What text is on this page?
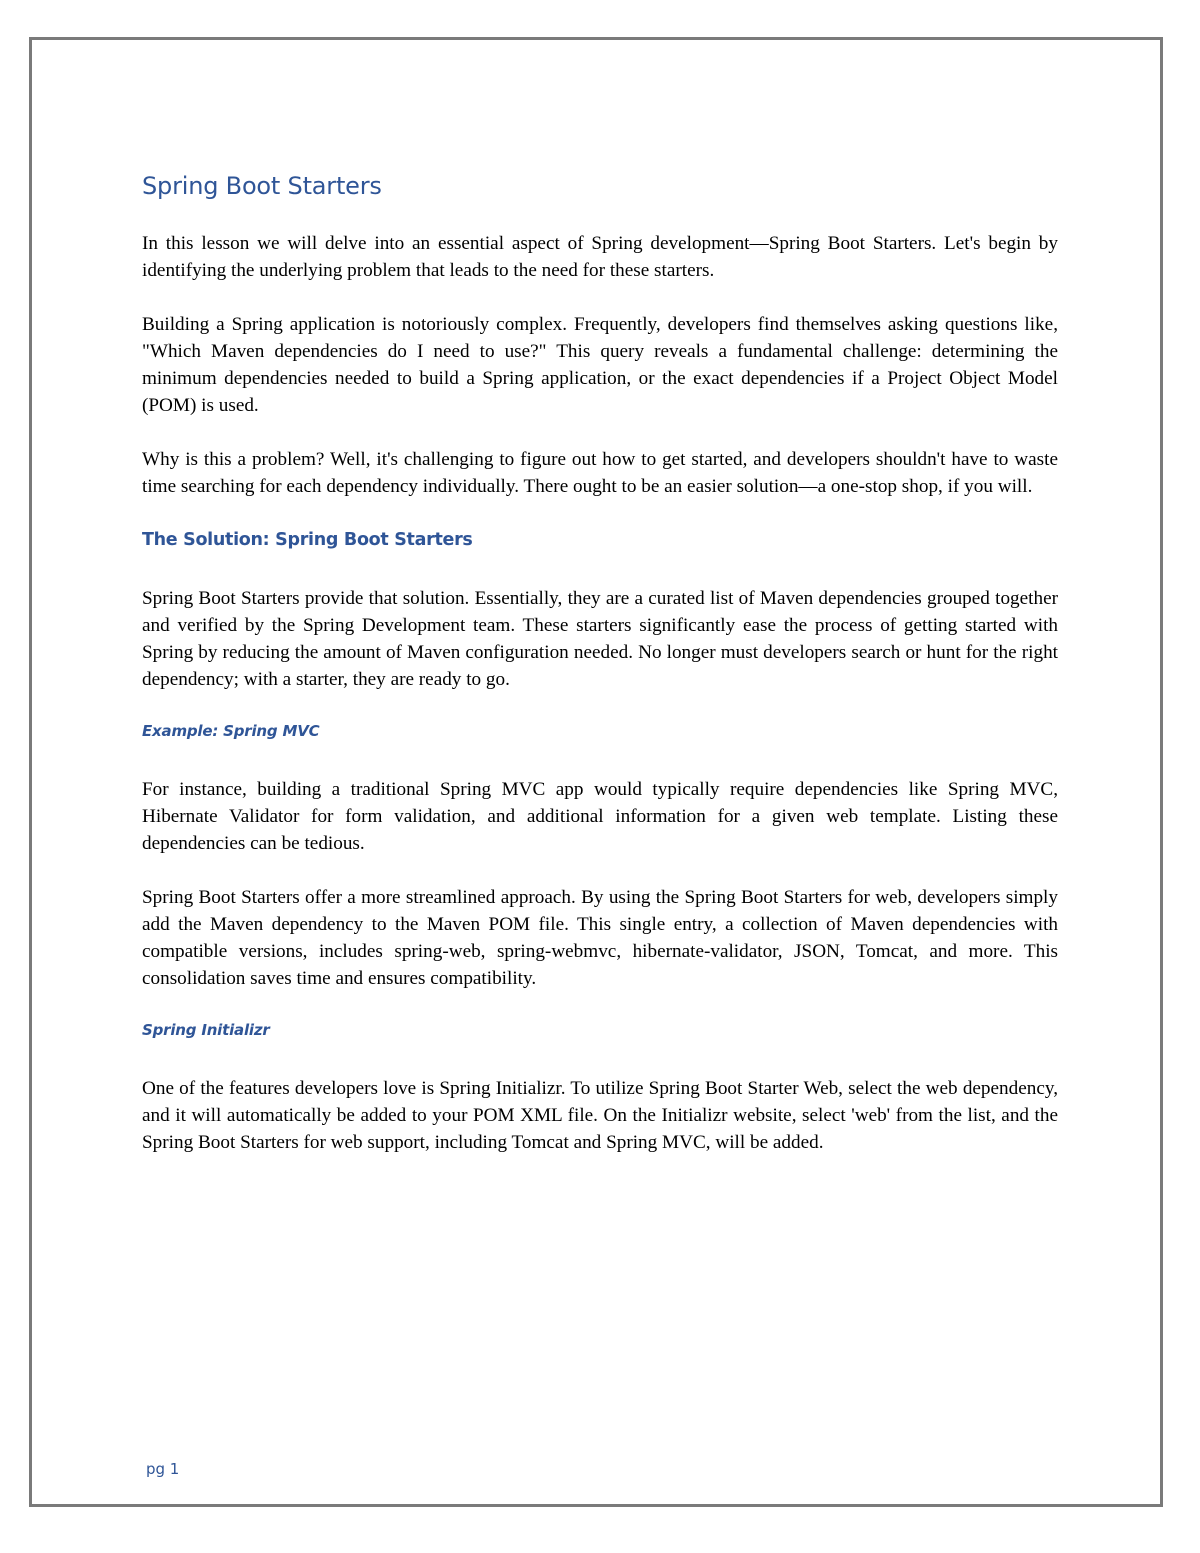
Spring Boot Starters

In this lesson we will delve into an essential aspect of Spring development—Spring Boot Starters. Let's begin by identifying the underlying problem that leads to the need for these starters.

Building a Spring application is notoriously complex. Frequently, developers find themselves asking questions like, "Which Maven dependencies do I need to use?" This query reveals a fundamental challenge: determining the minimum dependencies needed to build a Spring application, or the exact dependencies if a Project Object Model (POM) is used.

Why is this a problem? Well, it's challenging to figure out how to get started, and developers shouldn't have to waste time searching for each dependency individually. There ought to be an easier solution—a one-stop shop, if you will.

The Solution: Spring Boot Starters

Spring Boot Starters provide that solution. Essentially, they are a curated list of Maven dependencies grouped together and verified by the Spring Development team. These starters significantly ease the process of getting started with Spring by reducing the amount of Maven configuration needed. No longer must developers search or hunt for the right dependency; with a starter, they are ready to go.

Example: Spring MVC

For instance, building a traditional Spring MVC app would typically require dependencies like Spring MVC, Hibernate Validator for form validation, and additional information for a given web template. Listing these dependencies can be tedious.

Spring Boot Starters offer a more streamlined approach. By using the Spring Boot Starters for web, developers simply add the Maven dependency to the Maven POM file. This single entry, a collection of Maven dependencies with compatible versions, includes spring-web, spring-webmvc, hibernate-validator, JSON, Tomcat, and more. This consolidation saves time and ensures compatibility.

Spring Initializr

One of the features developers love is Spring Initializr. To utilize Spring Boot Starter Web, select the web dependency, and it will automatically be added to your POM XML file. On the Initializr website, select 'web' from the list, and the Spring Boot Starters for web support, including Tomcat and Spring MVC, will be added.

pg 1
